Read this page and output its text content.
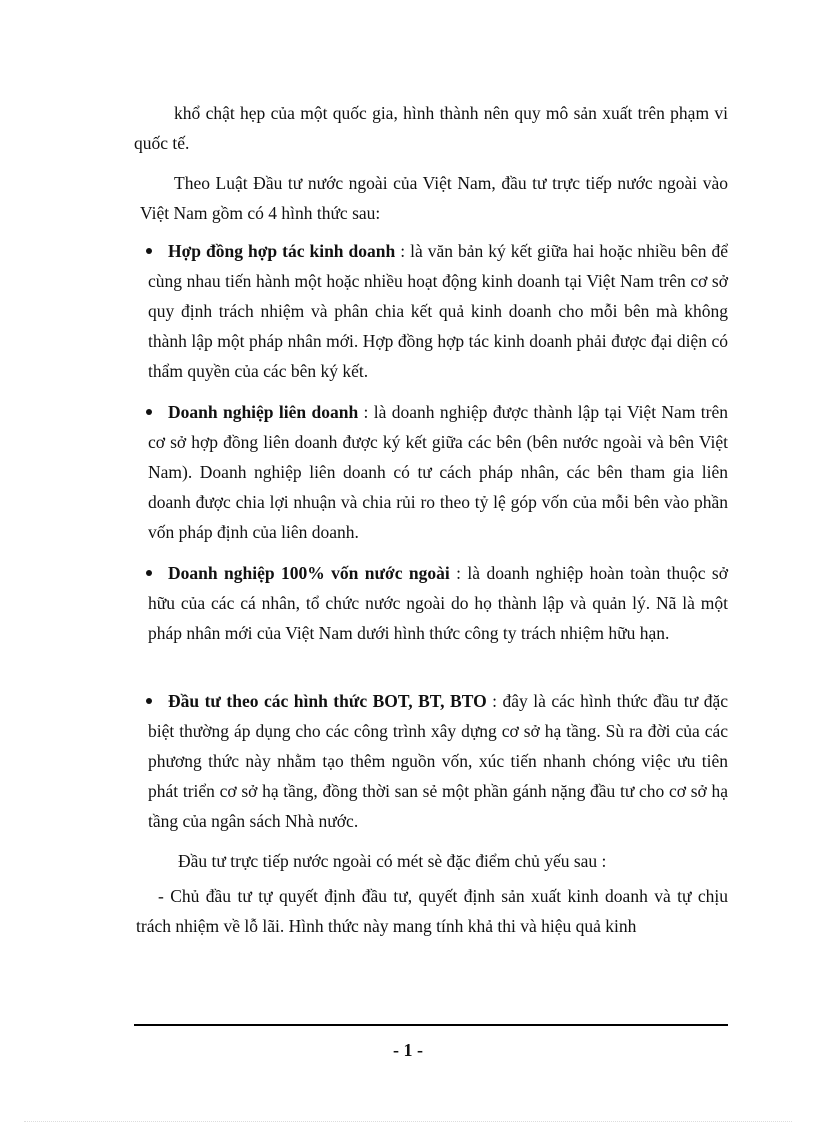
khổ chật hẹp của một quốc gia, hình thành nên quy mô sản xuất trên phạm vi quốc tế.

Theo Luật Đầu tư nước ngoài của Việt Nam, đầu tư trực tiếp nước ngoài vào Việt Nam gồm có 4 hình thức sau:

Hợp đồng hợp tác kinh doanh : là văn bản ký kết giữa hai hoặc nhiều bên để cùng nhau tiến hành một hoặc nhiều hoạt động kinh doanh tại Việt Nam trên cơ sở quy định trách nhiệm và phân chia kết quả kinh doanh cho mỗi bên mà không thành lập một pháp nhân mới. Hợp đồng hợp tác kinh doanh phải được đại diện có thẩm quyền của các bên ký kết.

Doanh nghiệp liên doanh : là doanh nghiệp được thành lập tại Việt Nam trên cơ sở hợp đồng liên doanh được ký kết giữa các bên (bên nước ngoài và bên Việt Nam). Doanh nghiệp liên doanh có tư cách pháp nhân, các bên tham gia liên doanh được chia lợi nhuận và chia rủi ro theo tỷ lệ góp vốn của mỗi bên vào phần vốn pháp định của liên doanh.

Doanh nghiệp 100% vốn nước ngoài : là doanh nghiệp hoàn toàn thuộc sở hữu của các cá nhân, tổ chức nước ngoài do họ thành lập và quản lý. Nã là một pháp nhân mới của Việt Nam dưới hình thức công ty trách nhiệm hữu hạn.

Đầu tư theo các hình thức BOT, BT, BTO : đây là các hình thức đầu tư đặc biệt thường áp dụng cho các công trình xây dựng cơ sở hạ tầng. Sù ra đời của các phương thức này nhằm tạo thêm nguồn vốn, xúc tiến nhanh chóng việc ưu tiên phát triển cơ sở hạ tầng, đồng thời san sẻ một phần gánh nặng đầu tư cho cơ sở hạ tầng của ngân sách Nhà nước.

Đầu tư trực tiếp nước ngoài có mét sè đặc điểm chủ yếu sau :

- Chủ đầu tư tự quyết định đầu tư, quyết định sản xuất kinh doanh và tự chịu trách nhiệm về lỗ lãi. Hình thức này mang tính khả thi và hiệu quả kinh

- 1 -
